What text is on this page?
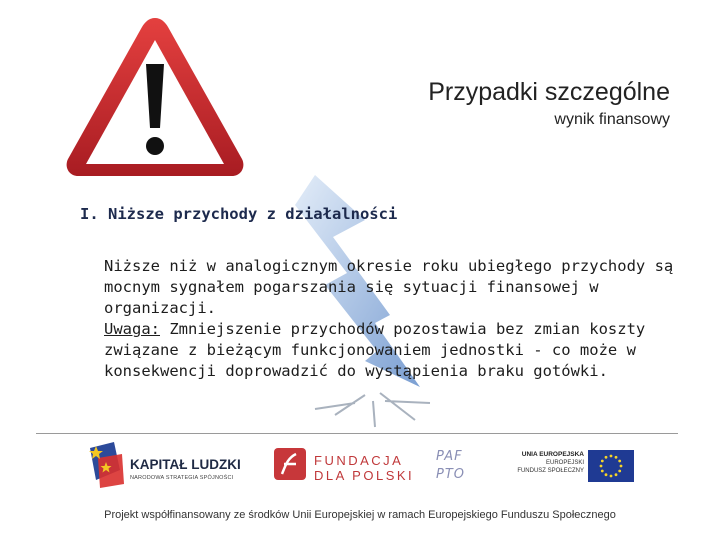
Przypadki szczególne
wynik finansowy
I. Niższe przychody z działalności

Niższe niż w analogicznym okresie roku ubiegłego przychody są mocnym sygnałem pogarszania się sytuacji finansowej w organizacji.

Uwaga: Zmniejszenie przychodów pozostawia bez zmian koszty związane z bieżącym funkcjonowaniem jednostki - co może w konsekwencji doprowadzić do wystąpienia braku gotówki.

KAPITAŁ LUDZKI
NARODOWA STRATEGIA SPÓJNOŚCI
FUNDACJA
DLA POLSKI
PAF
PTO
UNIA EUROPEJSKA
EUROPEJSKI
FUNDUSZ SPOŁECZNY
Projekt współfinansowany ze środków Unii Europejskiej w ramach Europejskiego Funduszu Społecznego
